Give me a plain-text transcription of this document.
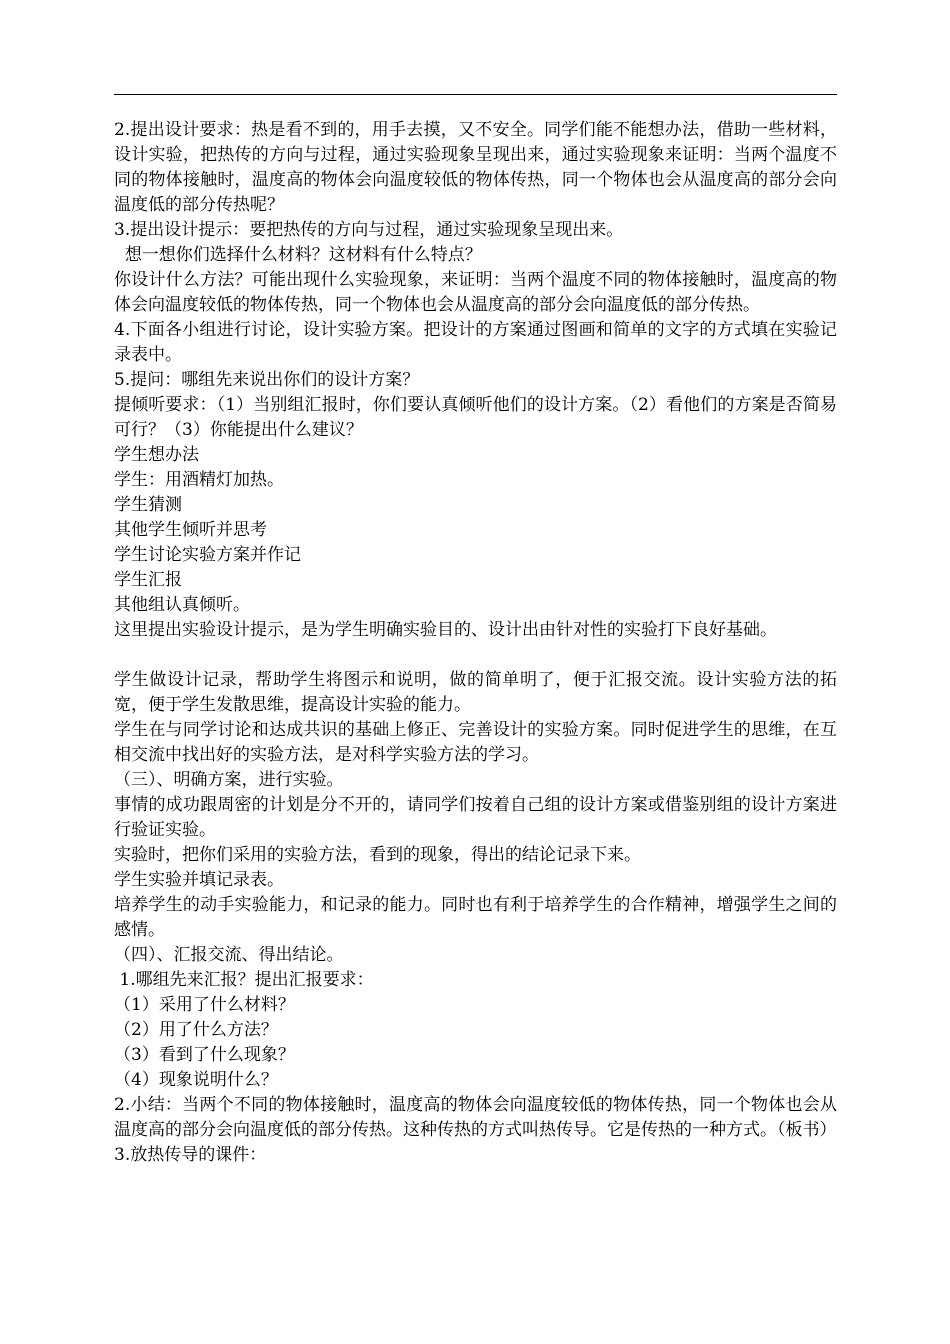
2.提出设计要求：热是看不到的，用手去摸，又不安全。同学们能不能想办法，借助一些材料，设计实验，把热传的方向与过程，通过实验现象呈现出来，通过实验现象来证明：当两个温度不同的物体接触时，温度高的物体会向温度较低的物体传热，同一个物体也会从温度高的部分会向温度低的部分传热呢？

3.提出设计提示：要把热传的方向与过程，通过实验现象呈现出来。

想一想你们选择什么材料？这材料有什么特点？

你设计什么方法？可能出现什么实验现象，来证明：当两个温度不同的物体接触时，温度高的物体会向温度较低的物体传热，同一个物体也会从温度高的部分会向温度低的部分传热。

4.下面各小组进行讨论，设计实验方案。把设计的方案通过图画和简单的文字的方式填在实验记录表中。

5.提问：哪组先来说出你们的设计方案？

提倾听要求：（1）当别组汇报时，你们要认真倾听他们的设计方案。（2）看他们的方案是否简易可行？（3）你能提出什么建议？

学生想办法

学生：用酒精灯加热。

学生猜测

其他学生倾听并思考

学生讨论实验方案并作记

学生汇报

其他组认真倾听。

这里提出实验设计提示，是为学生明确实验目的、设计出由针对性的实验打下良好基础。

学生做设计记录，帮助学生将图示和说明，做的简单明了，便于汇报交流。设计实验方法的拓宽，便于学生发散思维，提高设计实验的能力。

学生在与同学讨论和达成共识的基础上修正、完善设计的实验方案。同时促进学生的思维，在互相交流中找出好的实验方法，是对科学实验方法的学习。

（三）、明确方案，进行实验。

事情的成功跟周密的计划是分不开的，请同学们按着自己组的设计方案或借鉴别组的设计方案进行验证实验。

实验时，把你们采用的实验方法，看到的现象，得出的结论记录下来。

学生实验并填记录表。

培养学生的动手实验能力，和记录的能力。同时也有利于培养学生的合作精神，增强学生之间的感情。

（四）、汇报交流、得出结论。

1.哪组先来汇报？提出汇报要求：

（1）采用了什么材料？

（2）用了什么方法？

（3）看到了什么现象？

（4）现象说明什么？

2.小结：当两个不同的物体接触时，温度高的物体会向温度较低的物体传热，同一个物体也会从温度高的部分会向温度低的部分传热。这种传热的方式叫热传导。它是传热的一种方式。（板书）

3.放热传导的课件：
